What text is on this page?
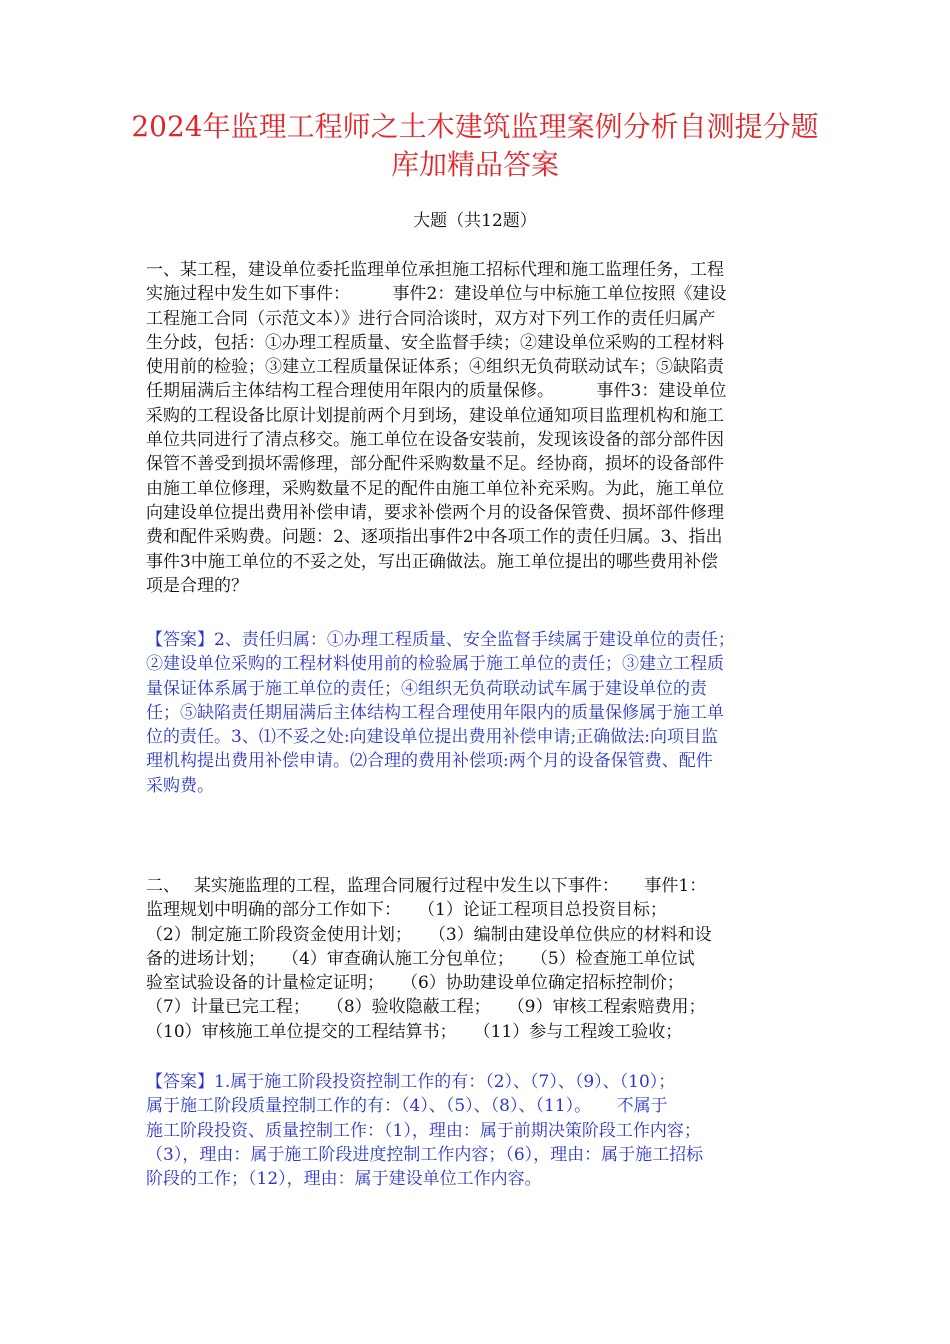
2024年监理工程师之土木建筑监理案例分析自测提分题库加精品答案
大题（共12题）
一、某工程，建设单位委托监理单位承担施工招标代理和施工监理任务，工程
实施过程中发生如下事件：　　　事件2：建设单位与中标施工单位按照《建设
工程施工合同（示范文本）》进行合同洽谈时，双方对下列工作的责任归属产
生分歧，包括：①办理工程质量、安全监督手续；②建设单位采购的工程材料
使用前的检验；③建立工程质量保证体系；④组织无负荷联动试车；⑤缺陷责
任期届满后主体结构工程合理使用年限内的质量保修。　　　事件3：建设单位
采购的工程设备比原计划提前两个月到场，建设单位通知项目监理机构和施工
单位共同进行了清点移交。施工单位在设备安装前，发现该设备的部分部件因
保管不善受到损坏需修理，部分配件采购数量不足。经协商，损坏的设备部件
由施工单位修理，采购数量不足的配件由施工单位补充采购。为此，施工单位
向建设单位提出费用补偿申请，要求补偿两个月的设备保管费、损坏部件修理
费和配件采购费。问题：2、逐项指出事件2中各项工作的责任归属。3、指出
事件3中施工单位的不妥之处，写出正确做法。施工单位提出的哪些费用补偿
项是合理的？
【答案】2、责任归属：①办理工程质量、安全监督手续属于建设单位的责任；
②建设单位采购的工程材料使用前的检验属于施工单位的责任；③建立工程质
量保证体系属于施工单位的责任；④组织无负荷联动试车属于建设单位的责
任；⑤缺陷责任期届满后主体结构工程合理使用年限内的质量保修属于施工单
位的责任。3、⑴不妥之处:向建设单位提出费用补偿申请;正确做法:向项目监
理机构提出费用补偿申请。⑵合理的费用补偿项:两个月的设备保管费、配件
采购费。
二、　 某实施监理的工程，监理合同履行过程中发生以下事件：　　事件1：
监理规划中明确的部分工作如下：　　（1）论证工程项目总投资目标；
（2）制定施工阶段资金使用计划；　　（3）编制由建设单位供应的材料和设
备的进场计划；　　（4）审查确认施工分包单位；　　（5）检查施工单位试
验室试验设备的计量检定证明；　　（6）协助建设单位确定招标控制价；
（7）计量已完工程；　　（8）验收隐蔽工程；　　（9）审核工程索赔费用；
（10）审核施工单位提交的工程结算书；　　（11）参与工程竣工验收；
【答案】1.属于施工阶段投资控制工作的有：（2）、（7）、（9）、（10）；
属于施工阶段质量控制工作的有：（4）、（5）、（8）、（11）。　　不属于
施工阶段投资、质量控制工作：（1），理由：属于前期决策阶段工作内容；
（3），理由：属于施工阶段进度控制工作内容；（6），理由：属于施工招标
阶段的工作；（12），理由：属于建设单位工作内容。
